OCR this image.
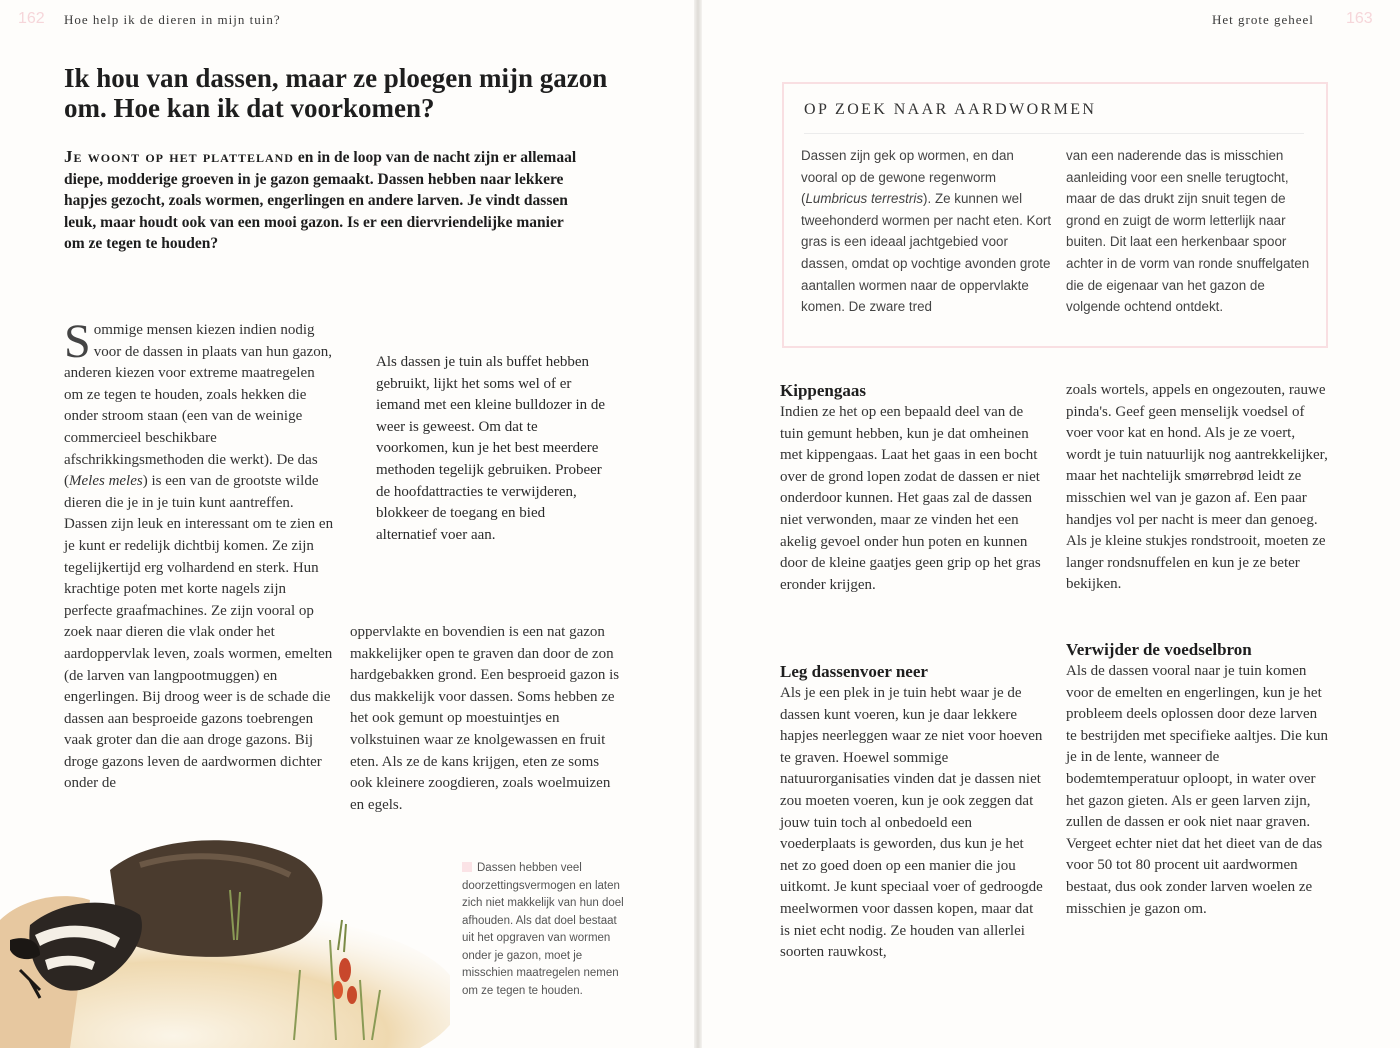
162 Hoe help ik de dieren in mijn tuin?
Ik hou van dassen, maar ze ploegen mijn gazon om. Hoe kan ik dat voorkomen?

Je woont op het platteland en in de loop van de nacht zijn er allemaal diepe, modderige groeven in je gazon gemaakt. Dassen hebben naar lekkere hapjes gezocht, zoals wormen, engerlingen en andere larven. Je vindt dassen leuk, maar houdt ook van een mooi gazon. Is er een diervriendelijke manier om ze tegen te houden?

Sommige mensen kiezen indien nodig voor de dassen in plaats van hun gazon, anderen kiezen voor extreme maatregelen om ze tegen te houden, zoals hekken die onder stroom staan (een van de weinige commercieel beschikbare afschrikkingsmethoden die werkt). De das (Meles meles) is een van de grootste wilde dieren die je in je tuin kunt aantreffen. Dassen zijn leuk en interessant om te zien en je kunt er redelijk dichtbij komen. Ze zijn tegelijkertijd erg volhardend en sterk. Hun krachtige poten met korte nagels zijn perfecte graafmachines. Ze zijn vooral op zoek naar dieren die vlak onder het aardoppervlak leven, zoals wormen, emelten (de larven van langpootmuggen) en engerlingen. Bij droog weer is de schade die dassen aan besproeide gazons toebrengen vaak groter dan die aan droge gazons. Bij droge gazons leven de aardwormen dichter onder de

Als dassen je tuin als buffet hebben gebruikt, lijkt het soms wel of er iemand met een kleine bulldozer in de weer is geweest. Om dat te voorkomen, kun je het best meerdere methoden tegelijk gebruiken. Probeer de hoofdattracties te verwijderen, blokkeer de toegang en bied alternatief voer aan.

oppervlakte en bovendien is een nat gazon makkelijker open te graven dan door de zon hardgebakken grond. Een besproeid gazon is dus makkelijk voor dassen. Soms hebben ze het ook gemunt op moestuintjes en volkstuinen waar ze knolgewassen en fruit eten. Als ze de kans krijgen, eten ze soms ook kleinere zoogdieren, zoals woelmuizen en egels.

Dassen hebben veel doorzettingsvermogen en laten zich niet makkelijk van hun doel afhouden. Als dat doel bestaat uit het opgraven van wormen onder je gazon, moet je misschien maatregelen nemen om ze tegen te houden.

Het grote geheel 163
OP ZOEK NAAR AARDWORMEN

Dassen zijn gek op wormen, en dan vooral op de gewone regenworm (Lumbricus terrestris). Ze kunnen wel tweehonderd wormen per nacht eten. Kort gras is een ideaal jachtgebied voor dassen, omdat op vochtige avonden grote aantallen wormen naar de oppervlakte komen. De zware tred

van een naderende das is misschien aanleiding voor een snelle terugtocht, maar de das drukt zijn snuit tegen de grond en zuigt de worm letterlijk naar buiten. Dit laat een herkenbaar spoor achter in de vorm van ronde snuffelgaten die de eigenaar van het gazon de volgende ochtend ontdekt.

Kippengaas

Indien ze het op een bepaald deel van de tuin gemunt hebben, kun je dat omheinen met kippengaas. Laat het gaas in een bocht over de grond lopen zodat de dassen er niet onderdoor kunnen. Het gaas zal de dassen niet verwonden, maar ze vinden het een akelig gevoel onder hun poten en kunnen door de kleine gaatjes geen grip op het gras eronder krijgen.

Leg dassenvoer neer

Als je een plek in je tuin hebt waar je de dassen kunt voeren, kun je daar lekkere hapjes neerleggen waar ze niet voor hoeven te graven. Hoewel sommige natuurorganisaties vinden dat je dassen niet zou moeten voeren, kun je ook zeggen dat jouw tuin toch al onbedoeld een voederplaats is geworden, dus kun je het net zo goed doen op een manier die jou uitkomt. Je kunt speciaal voer of gedroogde meelwormen voor dassen kopen, maar dat is niet echt nodig. Ze houden van allerlei soorten rauwkost,

zoals wortels, appels en ongezouten, rauwe pinda's. Geef geen menselijk voedsel of voer voor kat en hond. Als je ze voert, wordt je tuin natuurlijk nog aantrekkelijker, maar het nachtelijk smørrebrød leidt ze misschien wel van je gazon af. Een paar handjes vol per nacht is meer dan genoeg. Als je kleine stukjes rondstrooit, moeten ze langer rondsnuffelen en kun je ze beter bekijken.

Verwijder de voedselbron

Als de dassen vooral naar je tuin komen voor de emelten en engerlingen, kun je het probleem deels oplossen door deze larven te bestrijden met specifieke aaltjes. Die kun je in de lente, wanneer de bodemtemperatuur oploopt, in water over het gazon gieten. Als er geen larven zijn, zullen de dassen er ook niet naar graven. Vergeet echter niet dat het dieet van de das voor 50 tot 80 procent uit aardwormen bestaat, dus ook zonder larven woelen ze misschien je gazon om.
